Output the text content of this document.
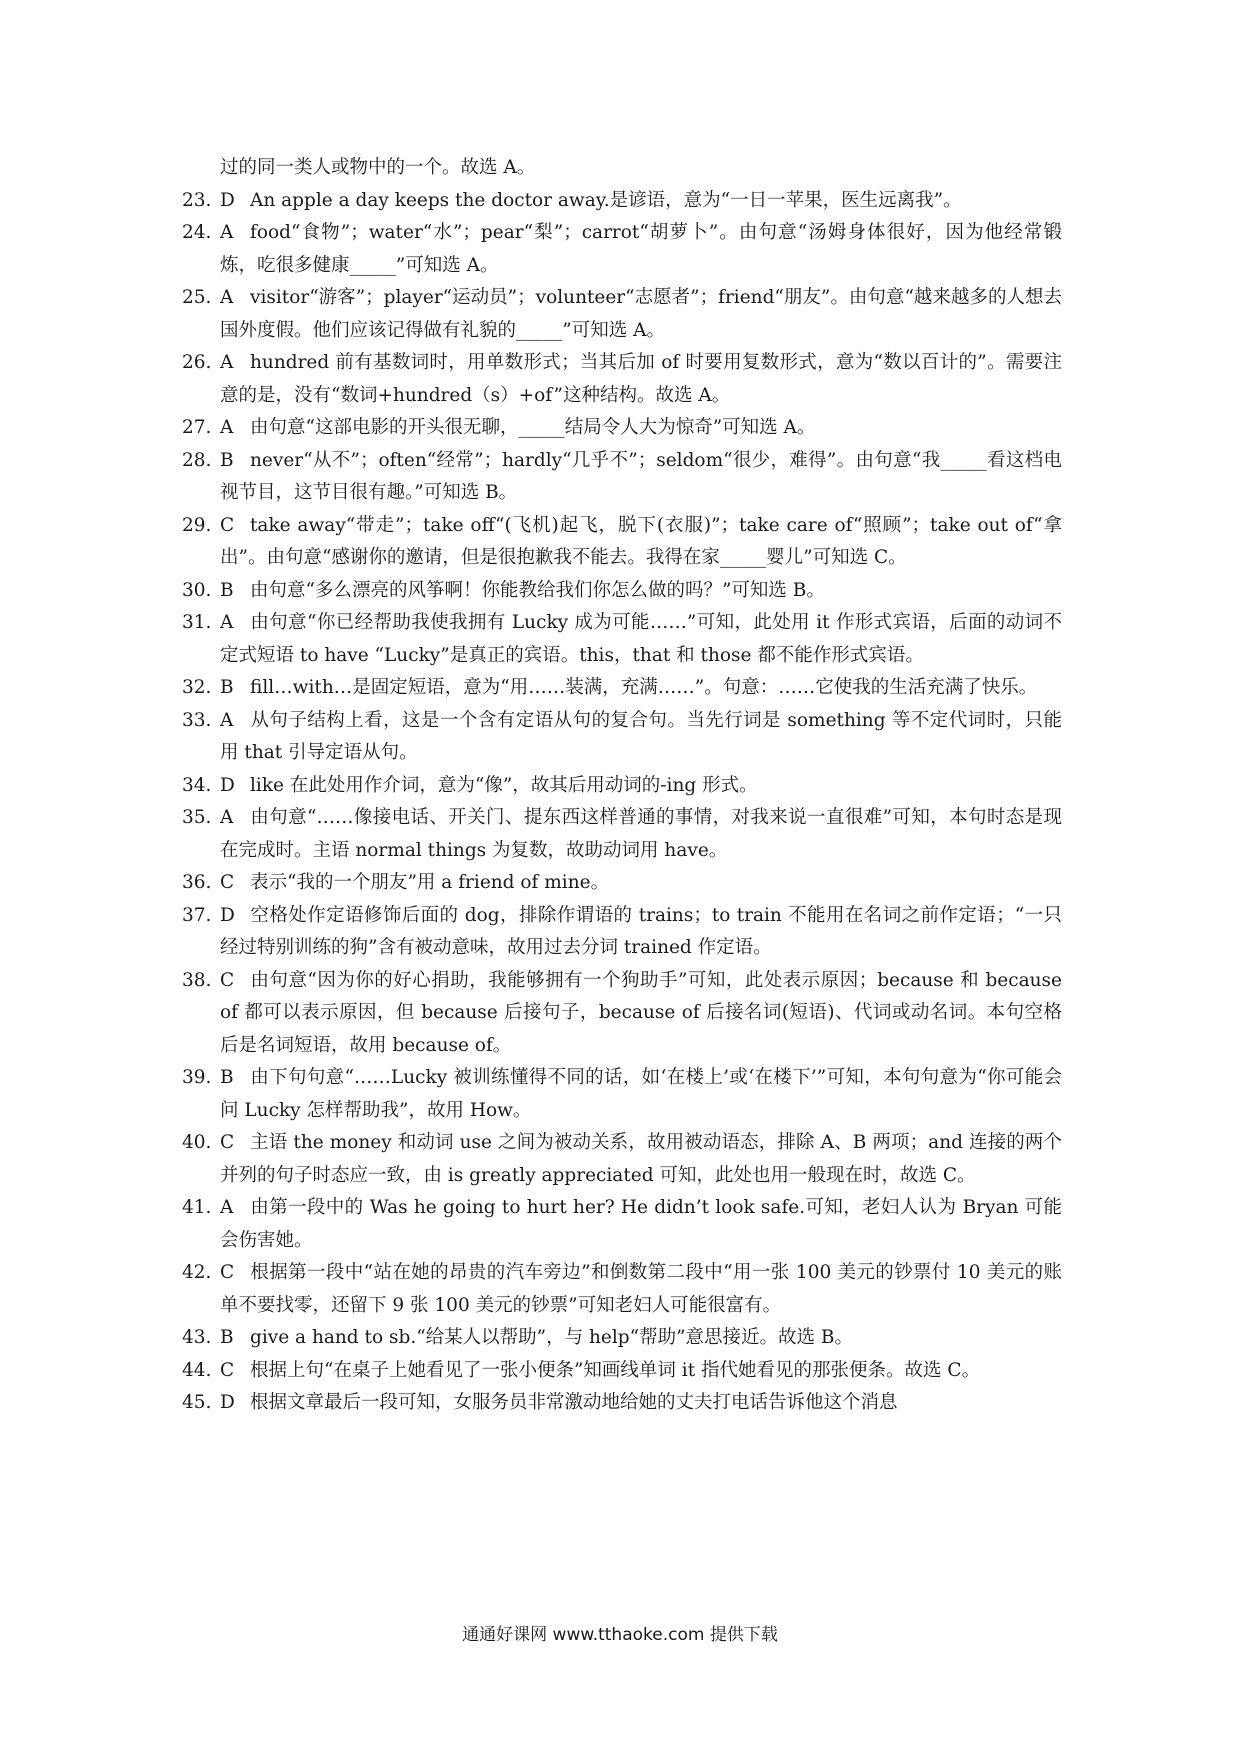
过的同一类人或物中的一个。故选 A。
23. D An apple a day keeps the doctor away.是谚语，意为“一日一苹果，医生远离我”。
24. A food“食物”；water“水”；pear“梨”；carrot“胡萝卜”。由句意“汤姆身体很好，因为他经常锻炼，吃很多健康_____”可知选 A。
25. A visitor“游客”；player“运动员”；volunteer“志愿者”；friend“朋友”。由句意“越来越多的人想去国外度假。他们应该记得做有礼貌的_____”可知选 A。
26. A hundred 前有基数词时，用单数形式；当其后加 of 时要用复数形式，意为“数以百计的”。需要注意的是，没有“数词+hundred（s）+of”这种结构。故选 A。
27. A 由句意“这部电影的开头很无聊，_____结局令人大为惊奇”可知选 A。
28. B never“从不”；often“经常”；hardly“几乎不”；seldom“很少，难得”。由句意“我_____看这档电视节目，这节目很有趣。”可知选 B。
29. C take away“带走”；take off“(飞机)起飞，脱下(衣服)”；take care of“照顾”；take out of“拿出”。由句意“感谢你的邀请，但是很抱歉我不能去。我得在家_____婴儿”可知选 C。
30. B 由句意“多么漂亮的风筝啊！你能教给我们你怎么做的吗？”可知选 B。
31. A 由句意“你已经帮助我使我拥有 Lucky 成为可能……”可知，此处用 it 作形式宾语，后面的动词不定式短语 to have “Lucky”是真正的宾语。this，that 和 those 都不能作形式宾语。
32. B fill…with…是固定短语，意为“用……装满，充满……”。句意：……它使我的生活充满了快乐。
33. A 从句子结构上看，这是一个含有定语从句的复合句。当先行词是 something 等不定代词时，只能用 that 引导定语从句。
34. D like 在此处用作介词，意为“像”，故其后用动词的-ing 形式。
35. A 由句意“……像接电话、开关门、提东西这样普通的事情，对我来说一直很难”可知，本句时态是现在完成时。主语 normal things 为复数，故助动词用 have。
36. C 表示“我的一个朋友”用 a friend of mine。
37. D 空格处作定语修饰后面的 dog，排除作谓语的 trains；to train 不能用在名词之前作定语；“一只经过特别训练的狗”含有被动意味，故用过去分词 trained 作定语。
38. C 由句意“因为你的好心捐助，我能够拥有一个狗助手”可知，此处表示原因；because 和 because of 都可以表示原因，但 because 后接句子，because of 后接名词(短语)、代词或动名词。本句空格后是名词短语，故用 because of。
39. B 由下句句意“……Lucky 被训练懂得不同的话，如‘在楼上’或‘在楼下’”可知，本句句意为“你可能会问 Lucky 怎样帮助我”，故用 How。
40. C 主语 the money 和动词 use 之间为被动关系，故用被动语态，排除 A、B 两项；and 连接的两个并列的句子时态应一致，由 is greatly appreciated 可知，此处也用一般现在时，故选 C。
41. A 由第一段中的 Was he going to hurt her? He didn’t look safe.可知，老妇人认为 Bryan 可能会伤害她。
42. C 根据第一段中“站在她的昂贵的汽车旁边”和倒数第二段中“用一张 100 美元的钞票付 10 美元的账单不要找零，还留下 9 张 100 美元的钞票”可知老妇人可能很富有。
43. B give a hand to sb.“给某人以帮助”，与 help“帮助”意思接近。故选 B。
44. C 根据上句“在桌子上她看见了一张小便条”知画线单词 it 指代她看见的那张便条。故选 C。
45. D 根据文章最后一段可知，女服务员非常激动地给她的丈夫打电话告诉他这个消息
通通好课网 www.tthaoke.com 提供下载
